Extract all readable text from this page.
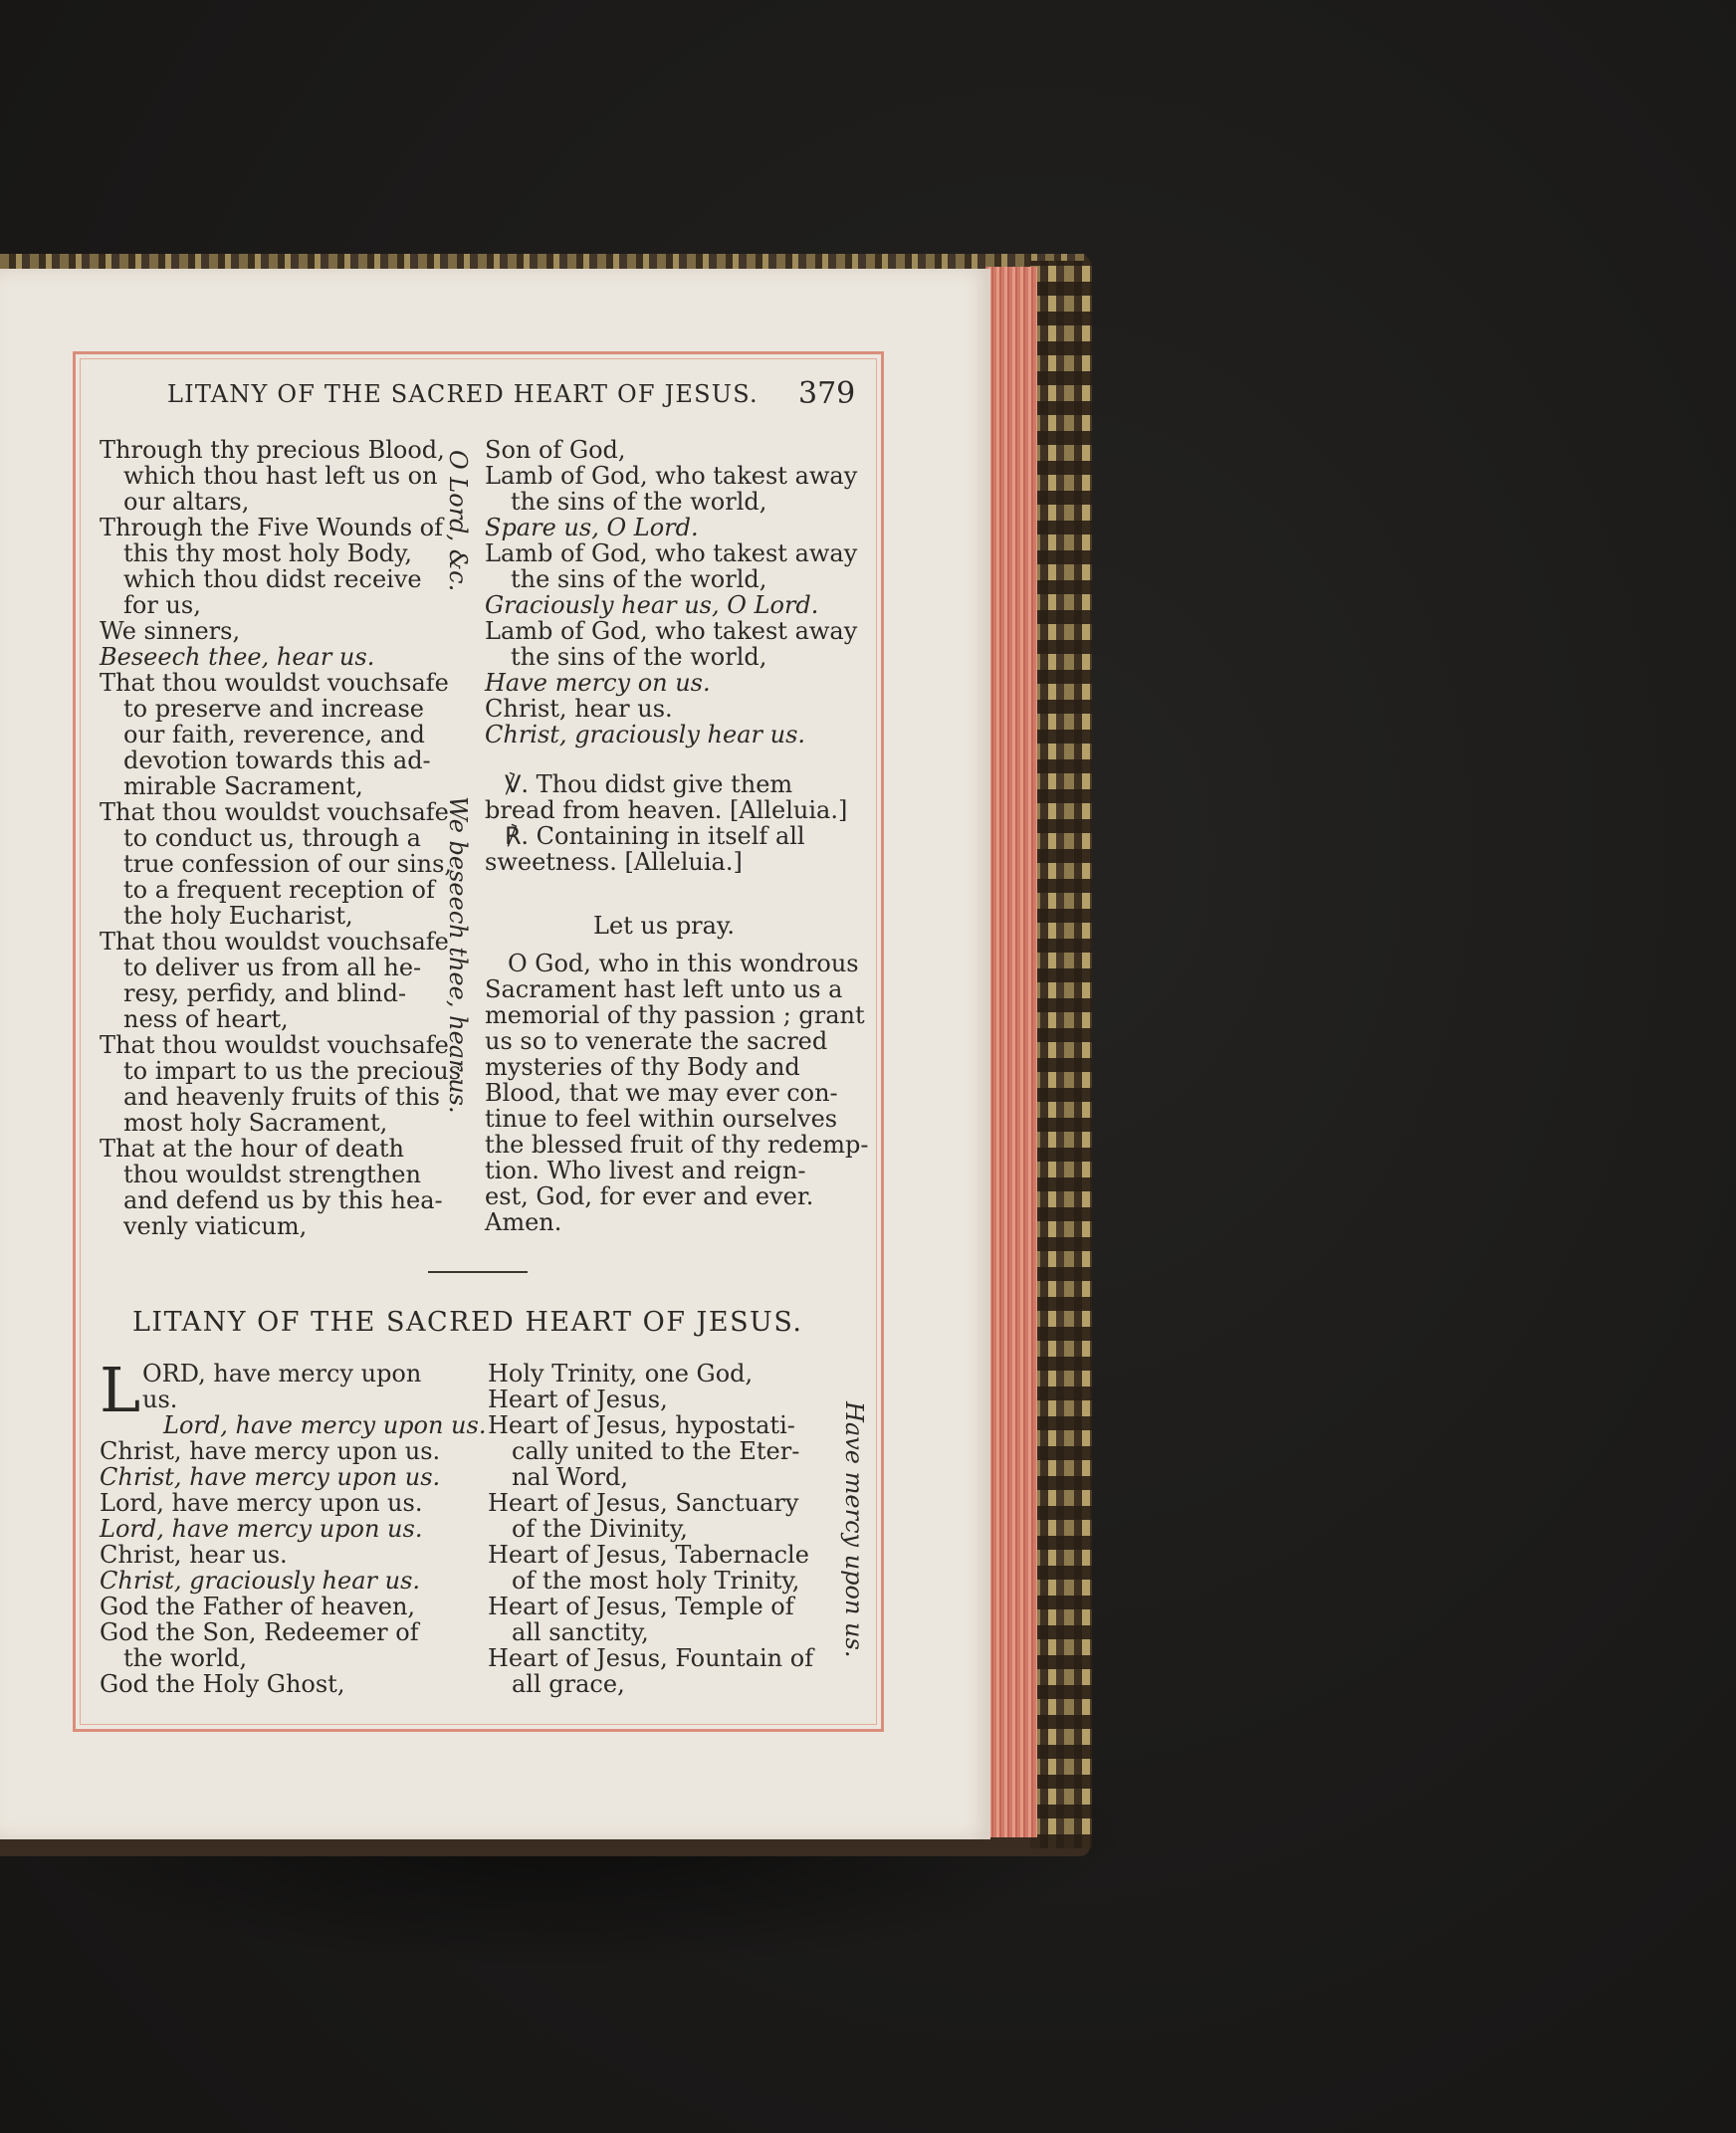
LITANY OF THE SACRED HEART OF JESUS. 379
Through thy precious Blood,
which thou hast left us on
our altars,
Through the Five Wounds of
this thy most holy Body,
which thou didst receive
for us,
We sinners,
Beseech thee, hear us.
That thou wouldst vouchsafe
to preserve and increase
our faith, reverence, and
devotion towards this ad-
mirable Sacrament,
That thou wouldst vouchsafe
to conduct us, through a
true confession of our sins,
to a frequent reception of
the holy Eucharist,
That thou wouldst vouchsafe
to deliver us from all he-
resy, perfidy, and blind-
ness of heart,
That thou wouldst vouchsafe
to impart to us the precious
and heavenly fruits of this
most holy Sacrament,
That at the hour of death
thou wouldst strengthen
and defend us by this hea-
venly viaticum,
O Lord, &c.
We beseech thee, hear us.
Son of God,
Lamb of God, who takest away
the sins of the world,
Spare us, O Lord.
Lamb of God, who takest away
the sins of the world,
Graciously hear us, O Lord.
Lamb of God, who takest away
the sins of the world,
Have mercy on us.
Christ, hear us.
Christ, graciously hear us.
℣. Thou didst give them
bread from heaven. [Alleluia.]
℟. Containing in itself all
sweetness. [Alleluia.]
Let us pray.
O God, who in this wondrous
Sacrament hast left unto us a
memorial of thy passion ; grant
us so to venerate the sacred
mysteries of thy Body and
Blood, that we may ever con-
tinue to feel within ourselves
the blessed fruit of thy redemp-
tion. Who livest and reign-
est, God, for ever and ever.
Amen.
LITANY OF THE SACRED HEART OF JESUS.
L ORD, have mercy upon
us.
Lord, have mercy upon us.
Christ, have mercy upon us.
Christ, have mercy upon us.
Lord, have mercy upon us.
Lord, have mercy upon us.
Christ, hear us.
Christ, graciously hear us.
God the Father of heaven,
God the Son, Redeemer of
the world,
God the Holy Ghost,
Holy Trinity, one God,
Heart of Jesus,
Heart of Jesus, hypostati-
cally united to the Eter-
nal Word,
Heart of Jesus, Sanctuary
of the Divinity,
Heart of Jesus, Tabernacle
of the most holy Trinity,
Heart of Jesus, Temple of
all sanctity,
Heart of Jesus, Fountain of
all grace,
Have mercy upon us.
